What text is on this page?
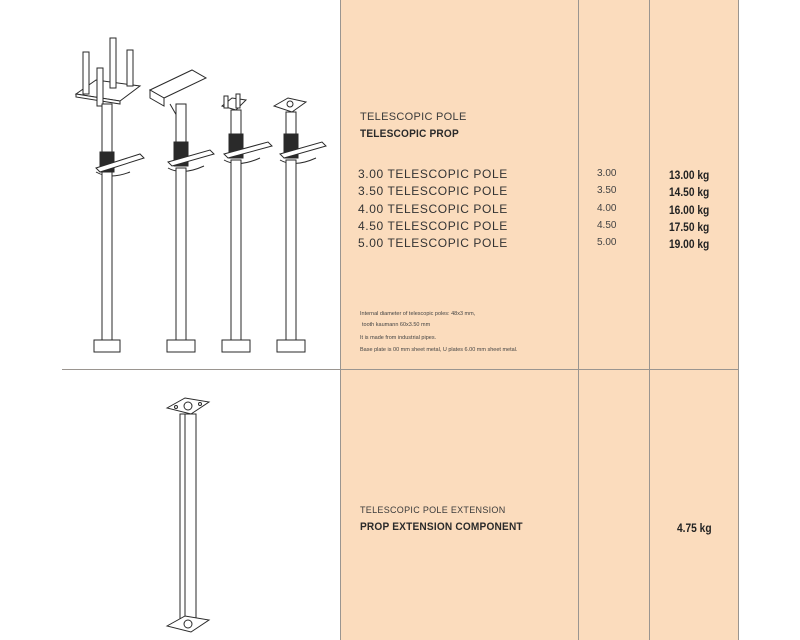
TELESCOPIC POLE
TELESCOPIC PROP
3.00 TELESCOPIC POLE
3.50 TELESCOPIC POLE
4.00 TELESCOPIC POLE
4.50 TELESCOPIC POLE
5.00 TELESCOPIC POLE
3.00
3.50
4.00
4.50
5.00
13.00 kg
14.50 kg
16.00 kg
17.50 kg
19.00 kg
Internal diameter of telescopic poles: 48x3 mm,
tooth kaumann 60x3.50 mm
It is made from industrial pipes.
Base plate is 00 mm sheet metal, U plates 6.00 mm sheet metal.
TELESCOPIC POLE EXTENSION
PROP EXTENSION COMPONENT	4.75 kg
